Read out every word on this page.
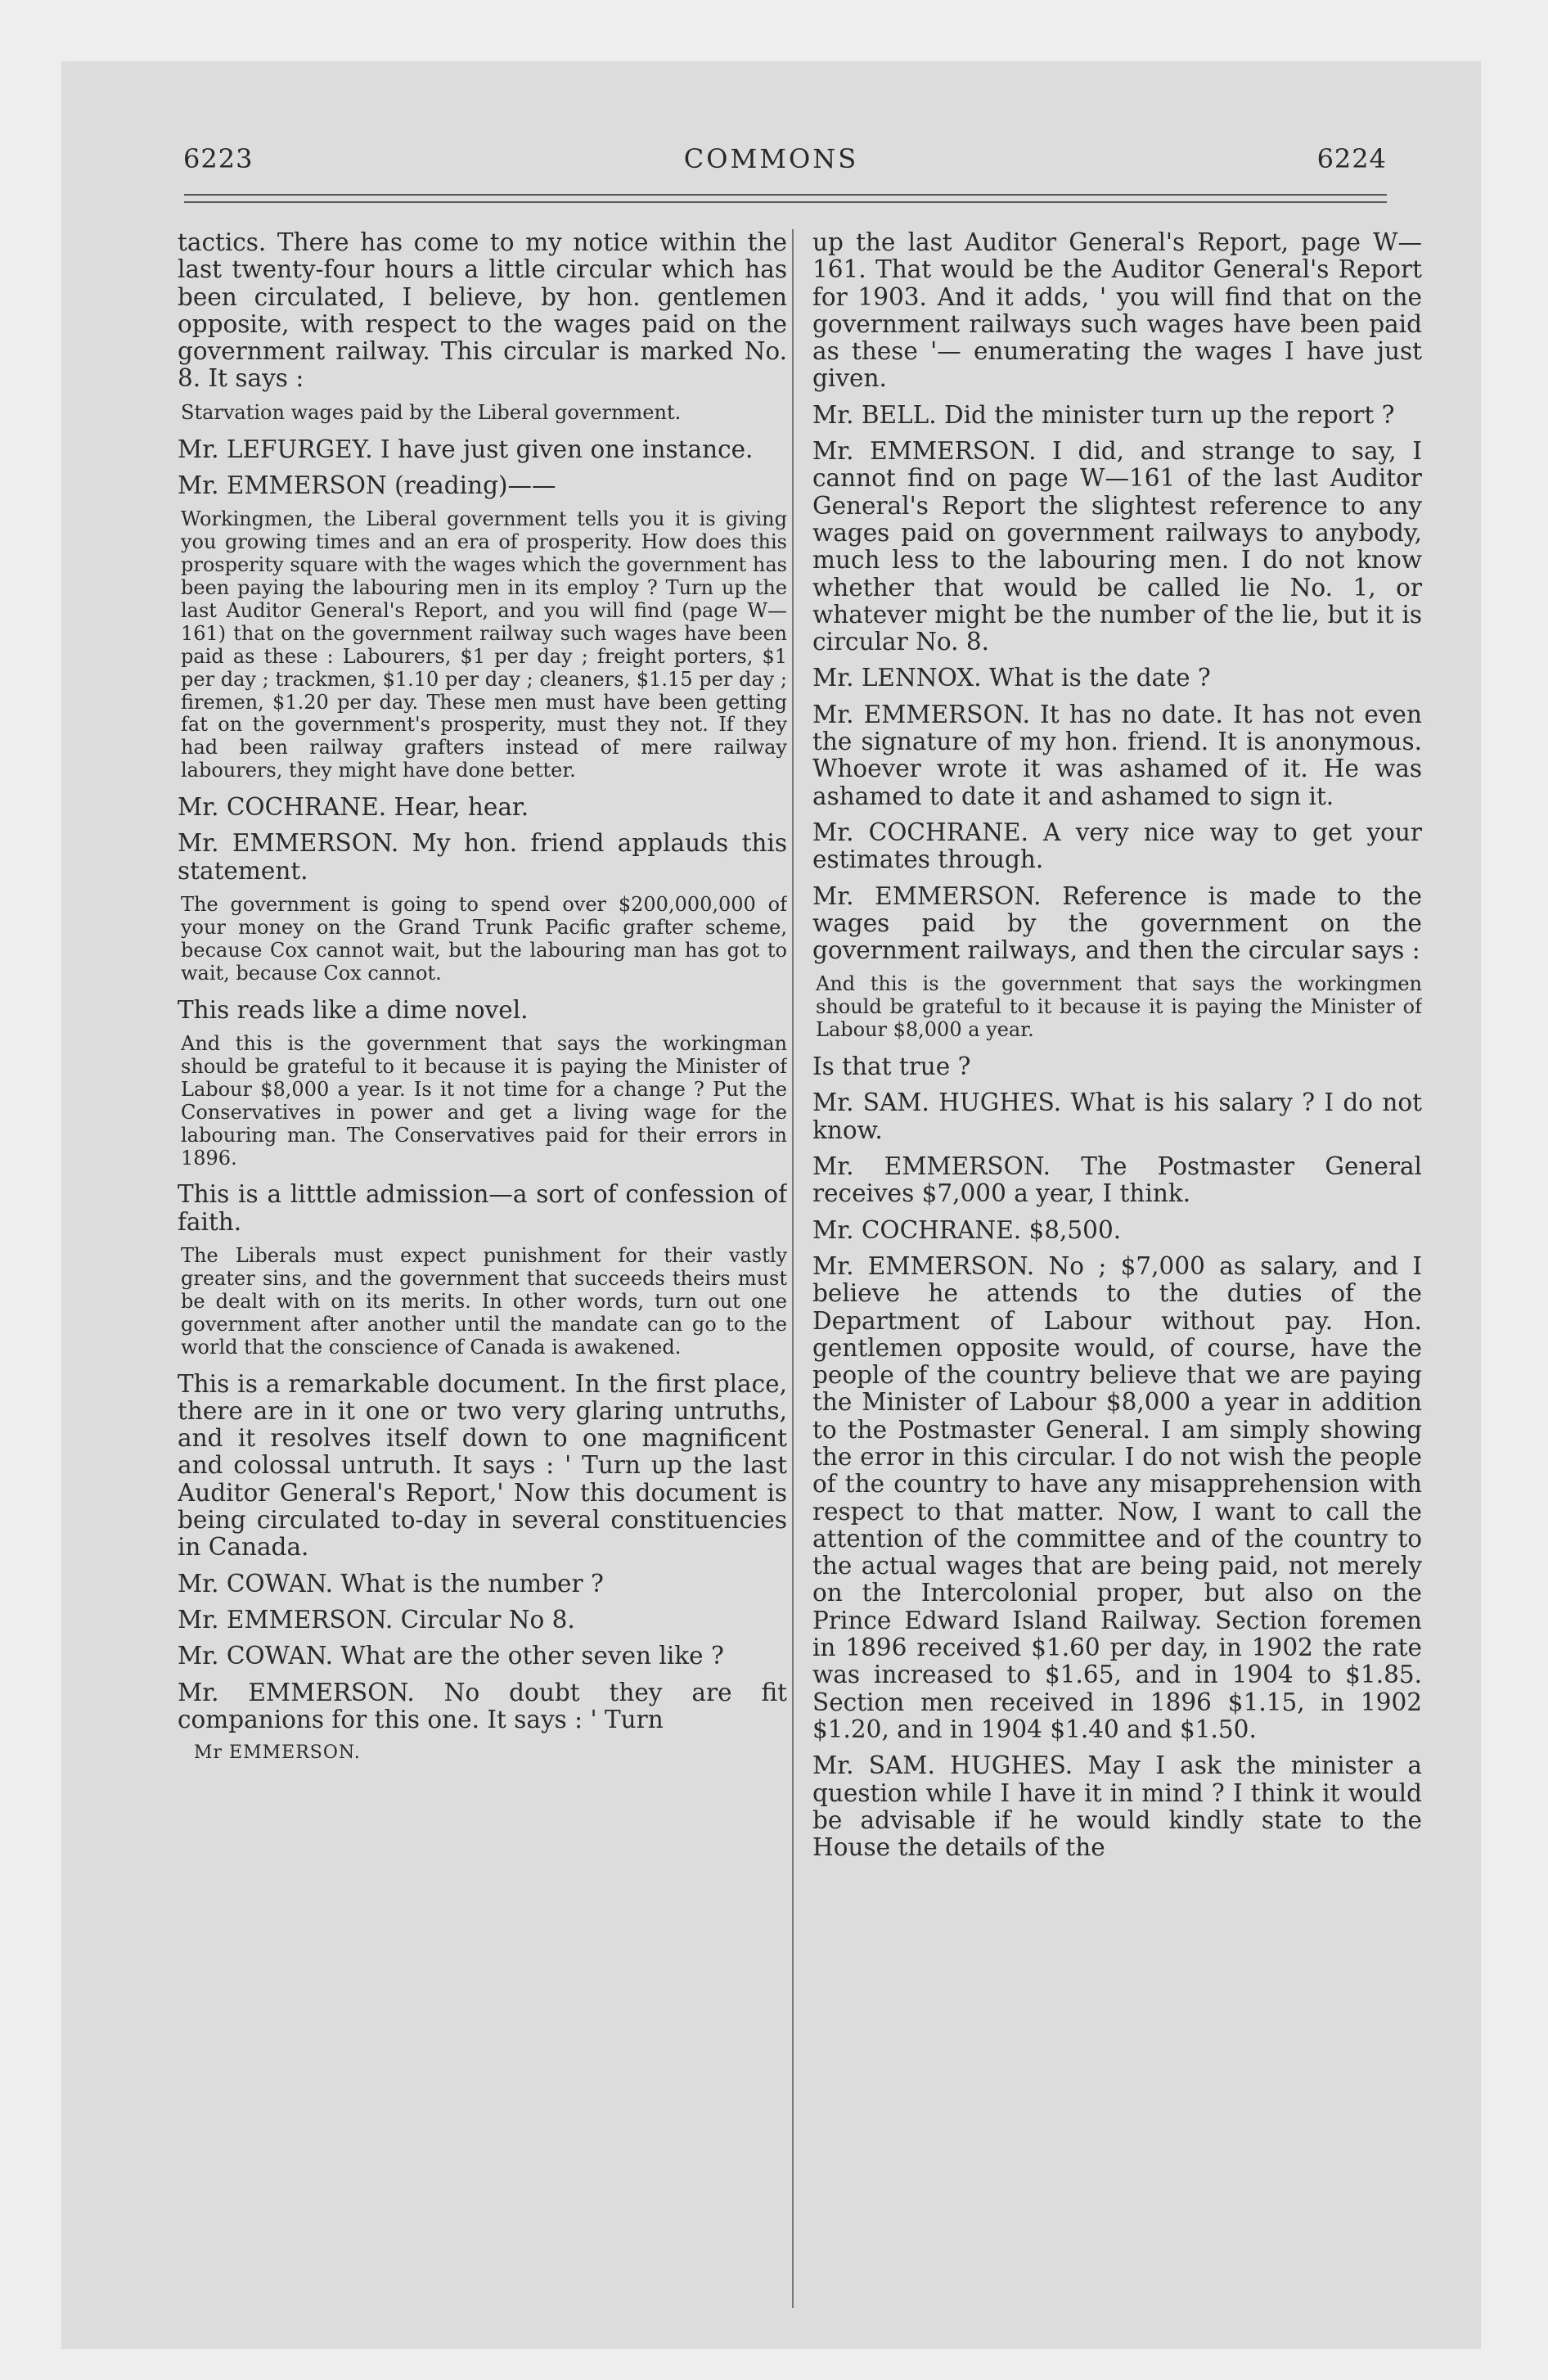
6223	COMMONS	6224

tactics. There has come to my notice within the last twenty-four hours a little circular which has been circulated, I believe, by hon. gentlemen opposite, with respect to the wages paid on the government railway. This circular is marked No. 8. It says :

Starvation wages paid by the Liberal government.

Mr. LEFURGEY. I have just given one instance.

Mr. EMMERSON (reading)——

Workingmen, the Liberal government tells you it is giving you growing times and an era of prosperity. How does this prosperity square with the wages which the government has been paying the labouring men in its employ ? Turn up the last Auditor General's Report, and you will find (page W—161) that on the government railway such wages have been paid as these : Labourers, $1 per day ; freight porters, $1 per day ; trackmen, $1.10 per day ; cleaners, $1.15 per day ; firemen, $1.20 per day. These men must have been getting fat on the government's prosperity, must they not. If they had been railway grafters instead of mere railway labourers, they might have done better.

Mr. COCHRANE. Hear, hear.

Mr. EMMERSON. My hon. friend applauds this statement.

The government is going to spend over $200,000,000 of your money on the Grand Trunk Pacific grafter scheme, because Cox cannot wait, but the labouring man has got to wait, because Cox cannot.

This reads like a dime novel.

And this is the government that says the workingman should be grateful to it because it is paying the Minister of Labour $8,000 a year. Is it not time for a change ? Put the Conservatives in power and get a living wage for the labouring man. The Conservatives paid for their errors in 1896.

This is a litttle admission—a sort of confession of faith.

The Liberals must expect punishment for their vastly greater sins, and the government that succeeds theirs must be dealt with on its merits. In other words, turn out one government after another until the mandate can go to the world that the conscience of Canada is awakened.

This is a remarkable document. In the first place, there are in it one or two very glaring untruths, and it resolves itself down to one magnificent and colossal untruth. It says : ' Turn up the last Auditor General's Report,' Now this document is being circulated to-day in several constituencies in Canada.

Mr. COWAN. What is the number ?

Mr. EMMERSON. Circular No 8.

Mr. COWAN. What are the other seven like ?

Mr. EMMERSON. No doubt they are fit companions for this one. It says : ' Turn

Mr EMMERSON.

up the last Auditor General's Report, page W—161. That would be the Auditor General's Report for 1903. And it adds, ' you will find that on the government railways such wages have been paid as these '— enumerating the wages I have just given.

Mr. BELL. Did the minister turn up the report ?

Mr. EMMERSON. I did, and strange to say, I cannot find on page W—161 of the last Auditor General's Report the slightest reference to any wages paid on government railways to anybody, much less to the labouring men. I do not know whether that would be called lie No. 1, or whatever might be the number of the lie, but it is circular No. 8.

Mr. LENNOX. What is the date ?

Mr. EMMERSON. It has no date. It has not even the signature of my hon. friend. It is anonymous. Whoever wrote it was ashamed of it. He was ashamed to date it and ashamed to sign it.

Mr. COCHRANE. A very nice way to get your estimates through.

Mr. EMMERSON. Reference is made to the wages paid by the government on the government railways, and then the circular says :

And this is the government that says the workingmen should be grateful to it because it is paying the Minister of Labour $8,000 a year.

Is that true ?

Mr. SAM. HUGHES. What is his salary ? I do not know.

Mr. EMMERSON. The Postmaster General receives $7,000 a year, I think.

Mr. COCHRANE. $8,500.

Mr. EMMERSON. No ; $7,000 as salary, and I believe he attends to the duties of the Department of Labour without pay. Hon. gentlemen opposite would, of course, have the people of the country believe that we are paying the Minister of Labour $8,000 a year in addition to the Postmaster General. I am simply showing the error in this circular. I do not wish the people of the country to have any misapprehension with respect to that matter. Now, I want to call the attention of the committee and of the country to the actual wages that are being paid, not merely on the Intercolonial proper, but also on the Prince Edward Island Railway. Section foremen in 1896 received $1.60 per day, in 1902 the rate was increased to $1.65, and in 1904 to $1.85. Section men received in 1896 $1.15, in 1902 $1.20, and in 1904 $1.40 and $1.50.

Mr. SAM. HUGHES. May I ask the minister a question while I have it in mind ? I think it would be advisable if he would kindly state to the House the details of the
